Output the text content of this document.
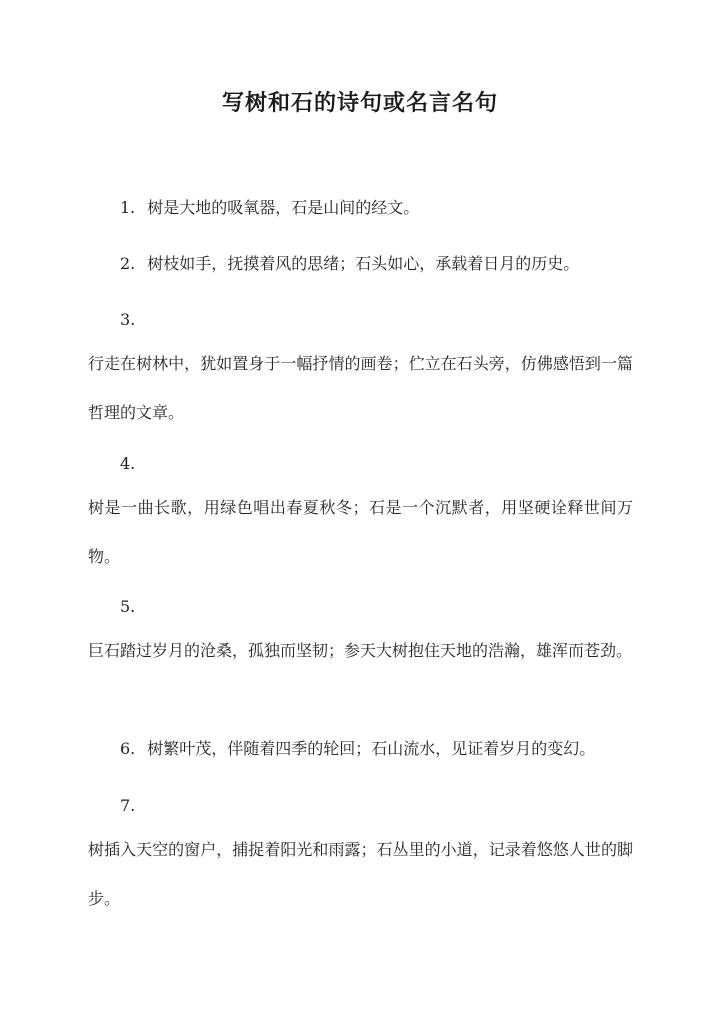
写树和石的诗句或名言名句
1. 树是大地的吸氧器，石是山间的经文。
2. 树枝如手，抚摸着风的思绪；石头如心，承载着日月的历史。
3.
行走在树林中，犹如置身于一幅抒情的画卷；伫立在石头旁，仿佛感悟到一篇哲理的文章。
4.
树是一曲长歌，用绿色唱出春夏秋冬；石是一个沉默者，用坚硬诠释世间万物。
5.
巨石踏过岁月的沧桑，孤独而坚韧；参天大树抱住天地的浩瀚，雄浑而苍劲。
6. 树繁叶茂，伴随着四季的轮回；石山流水，见证着岁月的变幻。
7.
树插入天空的窗户，捕捉着阳光和雨露；石丛里的小道，记录着悠悠人世的脚步。
